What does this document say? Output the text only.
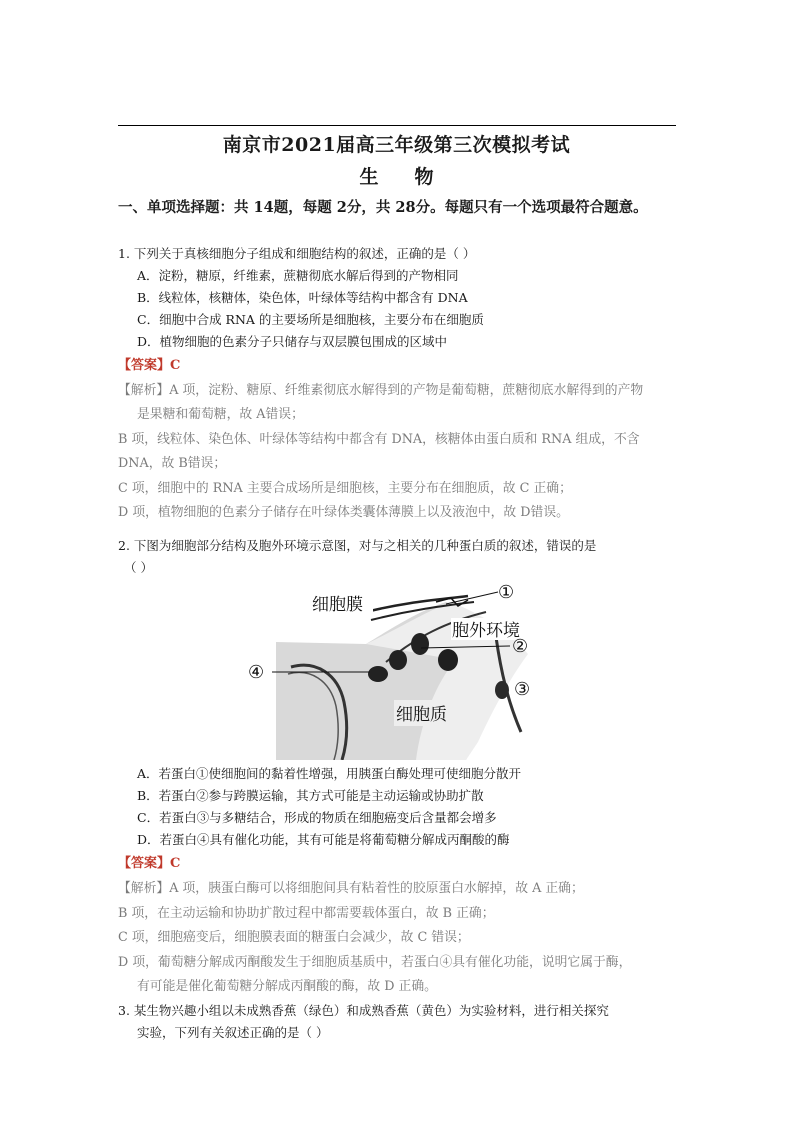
南京市2021届高三年级第三次模拟考试
生物
一、单项选择题：共 14题，每题 2分，共 28分。每题只有一个选项最符合题意。
1. 下列关于真核细胞分子组成和细胞结构的叙述，正确的是（ ）
A．淀粉，糖原，纤维素，蔗糖彻底水解后得到的产物相同
B．线粒体，核糖体，染色体，叶绿体等结构中都含有 DNA
C．细胞中合成 RNA 的主要场所是细胞核，主要分布在细胞质
D．植物细胞的色素分子只储存与双层膜包围成的区域中
【答案】C
【解析】A 项，淀粉、糖原、纤维素彻底水解得到的产物是葡萄糖，蔗糖彻底水解得到的产物
是果糖和葡萄糖，故 A错误；
B 项，线粒体、染色体、叶绿体等结构中都含有 DNA，核糖体由蛋白质和 RNA 组成，不含
DNA，故 B错误；
C 项，细胞中的 RNA 主要合成场所是细胞核，主要分布在细胞质，故 C 正确；
D 项，植物细胞的色素分子储存在叶绿体类囊体薄膜上以及液泡中，故 D错误。
2. 下图为细胞部分结构及胞外环境示意图，对与之相关的几种蛋白质的叙述，错误的是
（ ）
细胞膜
胞外环境
细胞质
①
②
③
④
A．若蛋白①使细胞间的黏着性增强，用胰蛋白酶处理可使细胞分散开
B．若蛋白②参与跨膜运输，其方式可能是主动运输或协助扩散
C．若蛋白③与多糖结合，形成的物质在细胞癌变后含量都会增多
D．若蛋白④具有催化功能，其有可能是将葡萄糖分解成丙酮酸的酶
【答案】C
【解析】A 项，胰蛋白酶可以将细胞间具有粘着性的胶原蛋白水解掉，故 A 正确；
B 项，在主动运输和协助扩散过程中都需要载体蛋白，故 B 正确；
C 项，细胞癌变后，细胞膜表面的糖蛋白会减少，故 C 错误；
D 项，葡萄糖分解成丙酮酸发生于细胞质基质中，若蛋白④具有催化功能，说明它属于酶，
有可能是催化葡萄糖分解成丙酮酸的酶，故 D 正确。
3. 某生物兴趣小组以未成熟香蕉（绿色）和成熟香蕉（黄色）为实验材料，进行相关探究
实验，下列有关叙述正确的是（ ）
